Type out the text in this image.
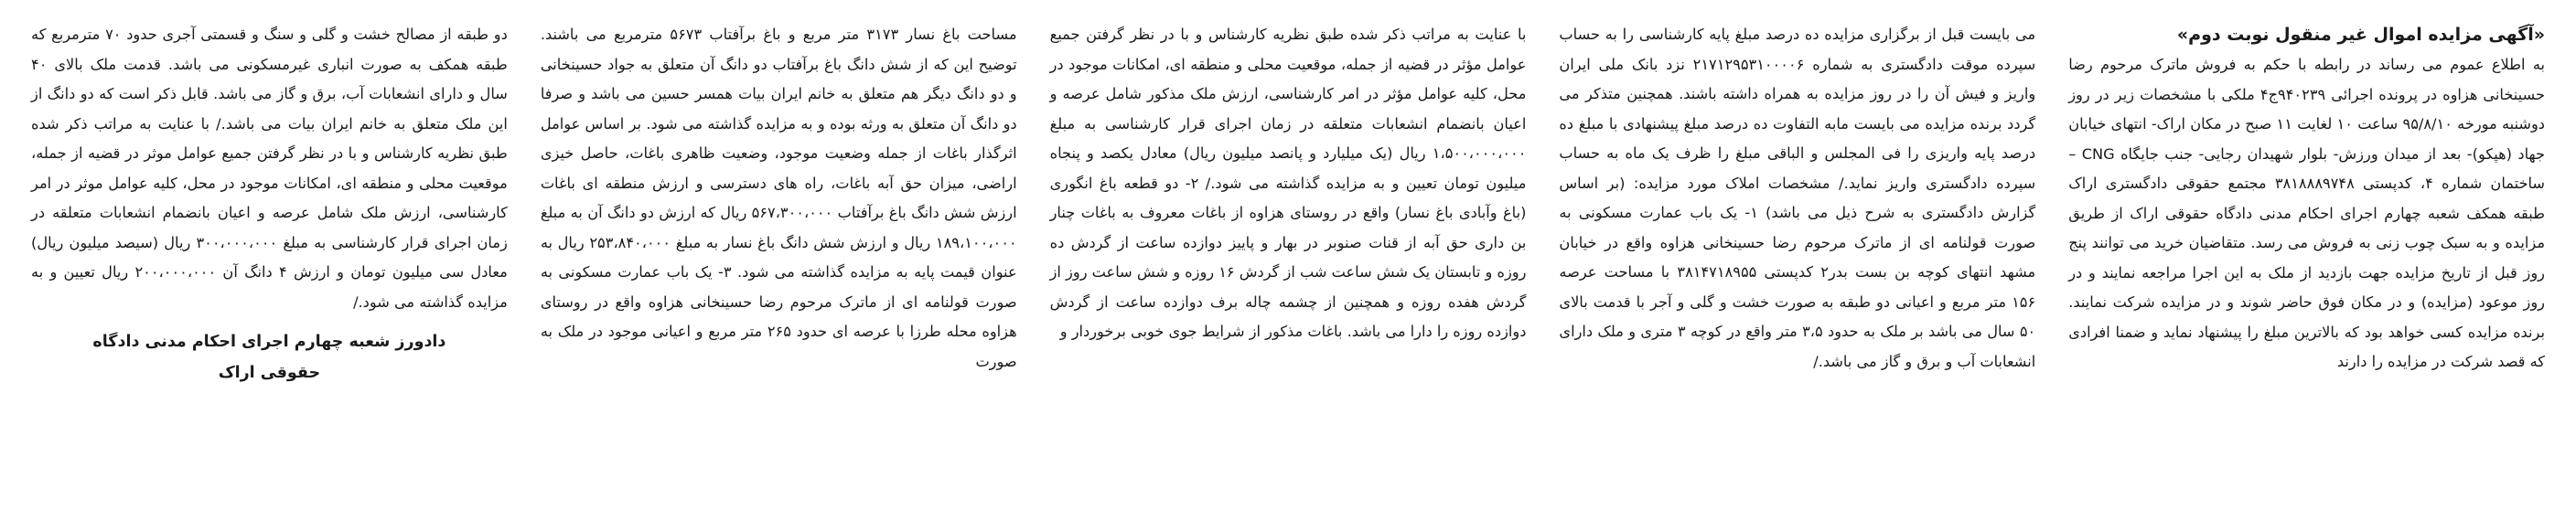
«آگهی مزایده اموال غیر منقول نوبت دوم»

به اطلاع عموم می رساند در رابطه با حکم به فروش ماترک مرحوم رضا حسینخانی هزاوه در پرونده اجرائی ۹۴۰۲۳۹ج۴ ملکی با مشخصات زیر در روز دوشنبه مورخه ۹۵/۸/۱۰ ساعت ۱۰ لغایت ۱۱ صبح در مکان اراک- انتهای خیابان جهاد (هپکو)- بعد از میدان ورزش- بلوار شهیدان رجایی- جنب جایگاه CNG – ساختمان شماره ۴، کدپستی ۳۸۱۸۸۸۹۷۴۸ مجتمع حقوقی دادگستری اراک طبقه همکف شعبه چهارم اجرای احکام مدنی دادگاه حقوقی اراک از طریق مزایده و به سبک چوب زنی به فروش می رسد. متقاضیان خرید می توانند پنج روز قبل از تاریخ مزایده جهت بازدید از ملک به این اجرا مراجعه نمایند و در روز موعود (مزایده) و در مکان فوق حاضر شوند و در مزایده شرکت نمایند. برنده مزایده کسی خواهد بود که بالاترین مبلغ را پیشنهاد نماید و ضمنا افرادی که قصد شرکت در مزایده را دارند

می بایست قبل از برگزاری مزایده ده درصد مبلغ پایه کارشناسی را به حساب سپرده موقت دادگستری به شماره ۲۱۷۱۲۹۵۳۱۰۰۰۰۶ نزد بانک ملی ایران واریز و فیش آن را در روز مزایده به همراه داشته باشند. همچنین متذکر می گردد برنده مزایده می بایست مابه التفاوت ده درصد مبلغ پیشنهادی با مبلغ ده درصد پایه واریزی را فی المجلس و الباقی مبلغ را ظرف یک ماه به حساب سپرده دادگستری واریز نماید./ مشخصات املاک مورد مزایده: (بر اساس گزارش دادگستری به شرح ذیل می باشد) ۱- یک باب عمارت مسکونی به صورت قولنامه ای از ماترک مرحوم رضا حسینخانی هزاوه واقع در خیابان مشهد انتهای کوچه بن بست بدر۲ کدپستی ۳۸۱۴۷۱۸۹۵۵ با مساحت عرصه ۱۵۶ متر مربع و اعیانی دو طبقه به صورت خشت و گلی و آجر با قدمت بالای ۵۰ سال می باشد بر ملک به حدود ۳،۵ متر واقع در کوچه ۳ متری و ملک دارای انشعابات آب و برق و گاز می باشد./

با عنایت به مراتب ذکر شده طبق نظریه کارشناس و با در نظر گرفتن جمیع عوامل مؤثر در قضیه از جمله، موقعیت محلی و منطقه ای، امکانات موجود در محل، کلیه عوامل مؤثر در امر کارشناسی، ارزش ملک مذکور شامل عرصه و اعیان بانضمام انشعابات متعلقه در زمان اجرای قرار کارشناسی به مبلغ ۱،۵۰۰،۰۰۰،۰۰۰ ریال (یک میلیارد و پانصد میلیون ریال) معادل یکصد و پنجاه میلیون تومان تعیین و به مزایده گذاشته می شود./ ۲- دو قطعه باغ انگوری (باغ وآبادی باغ نسار) واقع در روستای هزاوه از باغات معروف به باغات چنار بن داری حق آبه از قنات صنوبر در بهار و پاییز دوازده ساعت از گردش ده روزه و تابستان یک شش ساعت شب از گردش ۱۶ روزه و شش ساعت روز از گردش هفده روزه و همچنین از چشمه چاله برف دوازده ساعت از گردش دوازده روزه را دارا می باشد. باغات مذکور از شرایط جوی خوبی برخوردار و

مساحت باغ نسار ۳۱۷۳ متر مربع و باغ برآفتاب ۵۶۷۳ مترمربع می باشند. توضیح این که از شش دانگ باغ برآفتاب دو دانگ آن متعلق به جواد حسینخانی و دو دانگ دیگر هم متعلق به خانم ایران بیات همسر حسین می باشد و صرفا دو دانگ آن متعلق به ورثه بوده و به مزایده گذاشته می شود. بر اساس عوامل اثرگذار باغات از جمله وضعیت موجود، وضعیت ظاهری باغات، حاصل خیزی اراضی، میزان حق آبه باغات، راه های دسترسی و ارزش منطقه ای باغات ارزش شش دانگ باغ برآفتاب ۵۶۷،۳۰۰،۰۰۰ ریال که ارزش دو دانگ آن به مبلغ ۱۸۹،۱۰۰،۰۰۰ ریال و ارزش شش دانگ باغ نسار به مبلغ ۲۵۳،۸۴۰،۰۰۰ ریال به عنوان قیمت پایه به مزایده گذاشته می شود. ۳- یک باب عمارت مسکونی به صورت قولنامه ای از ماترک مرحوم رضا حسینخانی هزاوه واقع در روستای هزاوه محله طرزا با عرصه ای حدود ۲۶۵ متر مربع و اعیانی موجود در ملک به صورت

دو طبقه از مصالح خشت و گلی و سنگ و قسمتی آجری حدود ۷۰ مترمربع که طبقه همکف به صورت انباری غیرمسکونی می باشد. قدمت ملک بالای ۴۰ سال و دارای انشعابات آب، برق و گاز می باشد. قابل ذکر است که دو دانگ از این ملک متعلق به خانم ایران بیات می باشد./ با عنایت به مراتب ذکر شده طبق نظریه کارشناس و با در نظر گرفتن جمیع عوامل موثر در قضیه از جمله، موقعیت محلی و منطقه ای، امکانات موجود در محل، کلیه عوامل موثر در امر کارشناسی، ارزش ملک شامل عرصه و اعیان بانضمام انشعابات متعلقه در زمان اجرای قرار کارشناسی به مبلغ ۳۰۰،۰۰۰،۰۰۰ ریال (سیصد میلیون ریال) معادل سی میلیون تومان و ارزش ۴ دانگ آن ۲۰۰،۰۰۰،۰۰۰ ریال تعیین و به مزایده گذاشته می شود./

دادورز شعبه چهارم اجرای احکام مدنی دادگاه
حقوقی اراک
